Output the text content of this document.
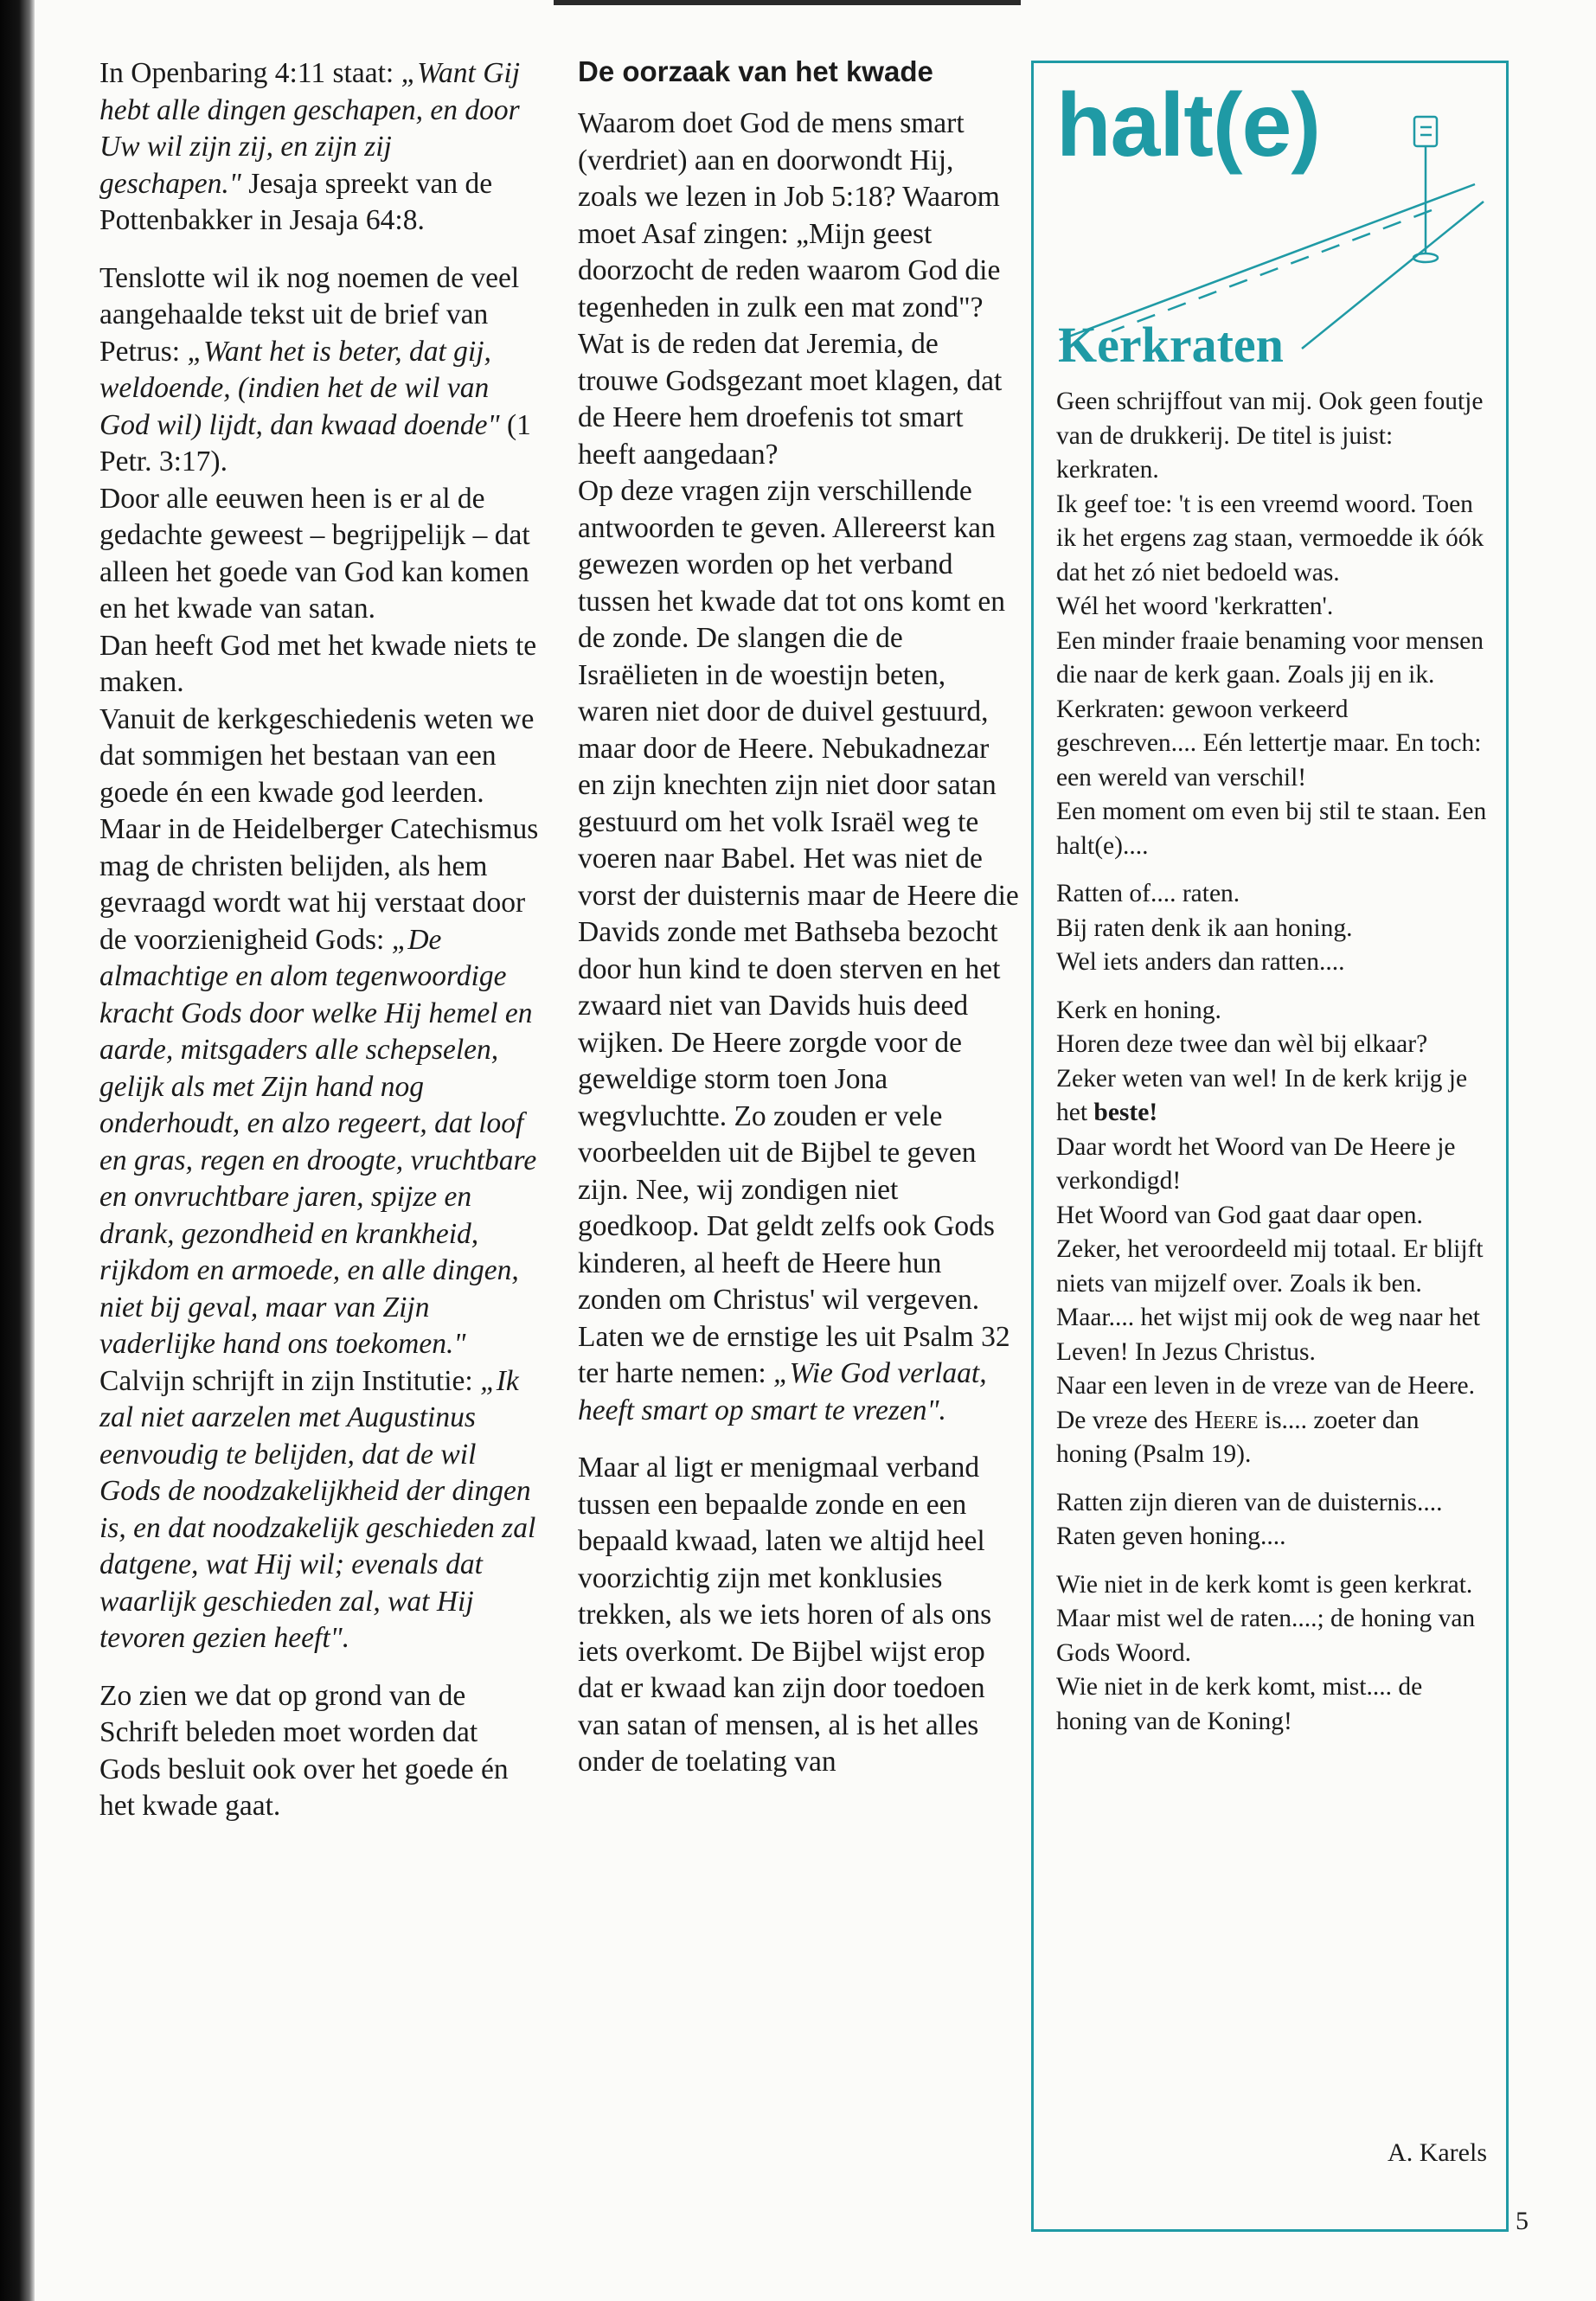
In Openbaring 4:11 staat: „Want Gij hebt alle dingen geschapen, en door Uw wil zijn zij, en zijn zij geschapen." Jesaja spreekt van de Pottenbakker in Jesaja 64:8.

Tenslotte wil ik nog noemen de veel aangehaalde tekst uit de brief van Petrus: „Want het is beter, dat gij, weldoende, (indien het de wil van God wil) lijdt, dan kwaad doende" (1 Petr. 3:17).

Door alle eeuwen heen is er al de gedachte geweest – begrijpelijk – dat alleen het goede van God kan komen en het kwade van satan.

Dan heeft God met het kwade niets te maken.

Vanuit de kerkgeschiedenis weten we dat sommigen het bestaan van een goede én een kwade god leerden.

Maar in de Heidelberger Catechismus mag de christen belijden, als hem gevraagd wordt wat hij verstaat door de voorzienigheid Gods: „De almachtige en alom tegenwoordige kracht Gods door welke Hij hemel en aarde, mitsgaders alle schepselen, gelijk als met Zijn hand nog onderhoudt, en alzo regeert, dat loof en gras, regen en droogte, vruchtbare en onvruchtbare jaren, spijze en drank, gezondheid en krankheid, rijkdom en armoede, en alle dingen, niet bij geval, maar van Zijn vaderlijke hand ons toekomen."

Calvijn schrijft in zijn Institutie: „Ik zal niet aarzelen met Augustinus eenvoudig te belijden, dat de wil Gods de noodzakelijkheid der dingen is, en dat noodzakelijk geschieden zal datgene, wat Hij wil; evenals dat waarlijk geschieden zal, wat Hij tevoren gezien heeft".

Zo zien we dat op grond van de Schrift beleden moet worden dat Gods besluit ook over het goede én het kwade gaat.

De oorzaak van het kwade

Waarom doet God de mens smart (verdriet) aan en doorwondt Hij, zoals we lezen in Job 5:18? Waarom moet Asaf zingen: „Mijn geest doorzocht de reden waarom God die tegenheden in zulk een mat zond"? Wat is de reden dat Jeremia, de trouwe Godsgezant moet klagen, dat de Heere hem droefenis tot smart heeft aangedaan?

Op deze vragen zijn verschillende antwoorden te geven. Allereerst kan gewezen worden op het verband tussen het kwade dat tot ons komt en de zonde. De slangen die de Israëlieten in de woestijn beten, waren niet door de duivel gestuurd, maar door de Heere. Nebukadnezar en zijn knechten zijn niet door satan gestuurd om het volk Israël weg te voeren naar Babel. Het was niet de vorst der duisternis maar de Heere die Davids zonde met Bathseba bezocht door hun kind te doen sterven en het zwaard niet van Davids huis deed wijken. De Heere zorgde voor de geweldige storm toen Jona wegvluchtte. Zo zouden er vele voorbeelden uit de Bijbel te geven zijn. Nee, wij zondigen niet goedkoop. Dat geldt zelfs ook Gods kinderen, al heeft de Heere hun zonden om Christus' wil vergeven. Laten we de ernstige les uit Psalm 32 ter harte nemen: „Wie God verlaat, heeft smart op smart te vrezen".

Maar al ligt er menigmaal verband tussen een bepaalde zonde en een bepaald kwaad, laten we altijd heel voorzichtig zijn met konklusies trekken, als we iets horen of als ons iets overkomt. De Bijbel wijst erop dat er kwaad kan zijn door toedoen van satan of mensen, al is het alles onder de toelating van

halt(e)
Kerkraten

Geen schrijffout van mij. Ook geen foutje van de drukkerij. De titel is juist: kerkraten.

Ik geef toe: 't is een vreemd woord. Toen ik het ergens zag staan, vermoedde ik óók dat het zó niet bedoeld was.

Wél het woord 'kerkratten'.

Een minder fraaie benaming voor mensen die naar de kerk gaan. Zoals jij en ik.

Kerkraten: gewoon verkeerd geschreven.... Eén lettertje maar. En toch: een wereld van verschil!

Een moment om even bij stil te staan. Een halt(e)....

Ratten of.... raten.

Bij raten denk ik aan honing.

Wel iets anders dan ratten....

Kerk en honing.

Horen deze twee dan wèl bij elkaar?

Zeker weten van wel! In de kerk krijg je het beste!

Daar wordt het Woord van De Heere je verkondigd!

Het Woord van God gaat daar open.

Zeker, het veroordeeld mij totaal. Er blijft niets van mijzelf over. Zoals ik ben.

Maar.... het wijst mij ook de weg naar het Leven! In Jezus Christus.

Naar een leven in de vreze van de Heere.

De vreze des Heere is.... zoeter dan honing (Psalm 19).

Ratten zijn dieren van de duisternis....

Raten geven honing....

Wie niet in de kerk komt is geen kerkrat. Maar mist wel de raten....; de honing van Gods Woord.

Wie niet in de kerk komt, mist.... de honing van de Koning!

A. Karels
5
